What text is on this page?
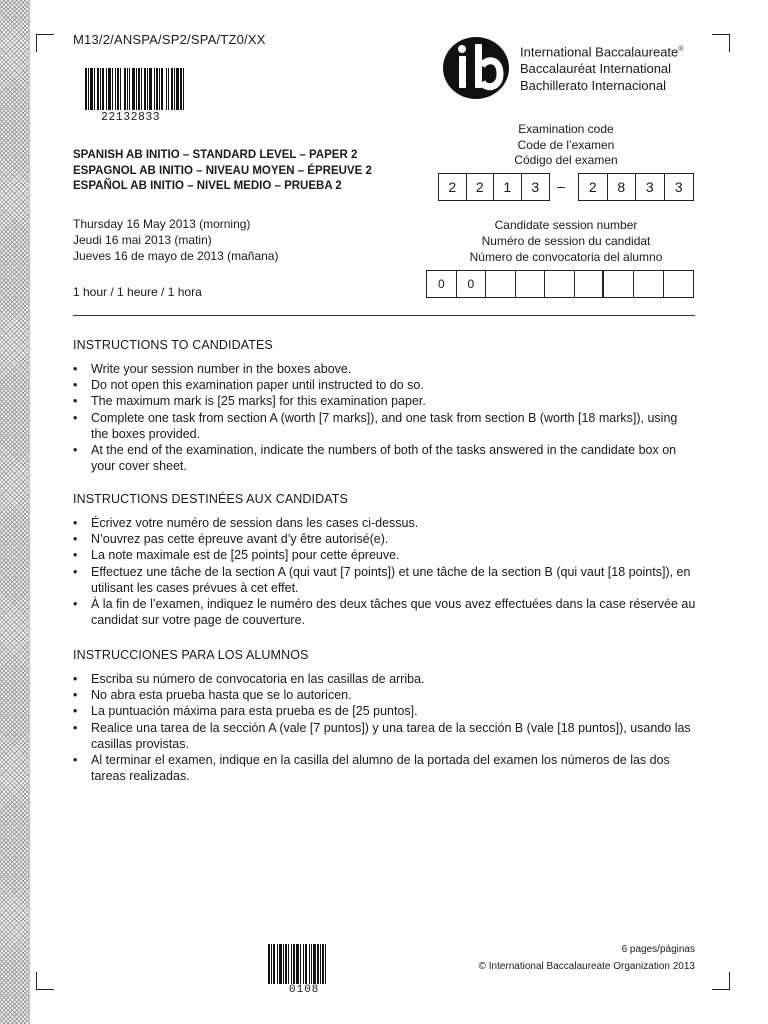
M13/2/ANSPA/SP2/SPA/TZ0/XX
22132833
International Baccalaureate®
Baccalauréat International
Bachillerato Internacional
SPANISH AB INITIO – STANDARD LEVEL – PAPER 2
ESPAGNOL AB INITIO – NIVEAU MOYEN – ÉPREUVE 2
ESPAÑOL AB INITIO – NIVEL MEDIO – PRUEBA 2
Examination code
Code de l’examen
Código del examen
2	2	1	3	–	2	8	3	3
Thursday 16 May 2013 (morning)
Jeudi 16 mai 2013 (matin)
Jueves 16 de mayo de 2013 (mañana)
Candidate session number
Numéro de session du candidat
Número de convocatoria del alumno
0	0
1 hour / 1 heure / 1 hora
INSTRUCTIONS TO CANDIDATES
• Write your session number in the boxes above.
• Do not open this examination paper until instructed to do so.
• The maximum mark is [25 marks] for this examination paper.
• Complete one task from section A (worth [7 marks]), and one task from section B (worth [18 marks]), using the boxes provided.
• At the end of the examination, indicate the numbers of both of the tasks answered in the candidate box on your cover sheet.
INSTRUCTIONS DESTINÉES AUX CANDIDATS
• Écrivez votre numéro de session dans les cases ci-dessus.
• N’ouvrez pas cette épreuve avant d’y être autorisé(e).
• La note maximale est de [25 points] pour cette épreuve.
• Effectuez une tâche de la section A (qui vaut [7 points]) et une tâche de la section B (qui vaut [18 points]), en utilisant les cases prévues à cet effet.
• À la fin de l’examen, indiquez le numéro des deux tâches que vous avez effectuées dans la case réservée au candidat sur votre page de couverture.
INSTRUCCIONES PARA LOS ALUMNOS
• Escriba su número de convocatoria en las casillas de arriba.
• No abra esta prueba hasta que se lo autoricen.
• La puntuación máxima para esta prueba es de [25 puntos].
• Realice una tarea de la sección A (vale [7 puntos]) y una tarea de la sección B (vale [18 puntos]), usando las casillas provistas.
• Al terminar el examen, indique en la casilla del alumno de la portada del examen los números de las dos tareas realizadas.
0108
6 pages/páginas
© International Baccalaureate Organization 2013
